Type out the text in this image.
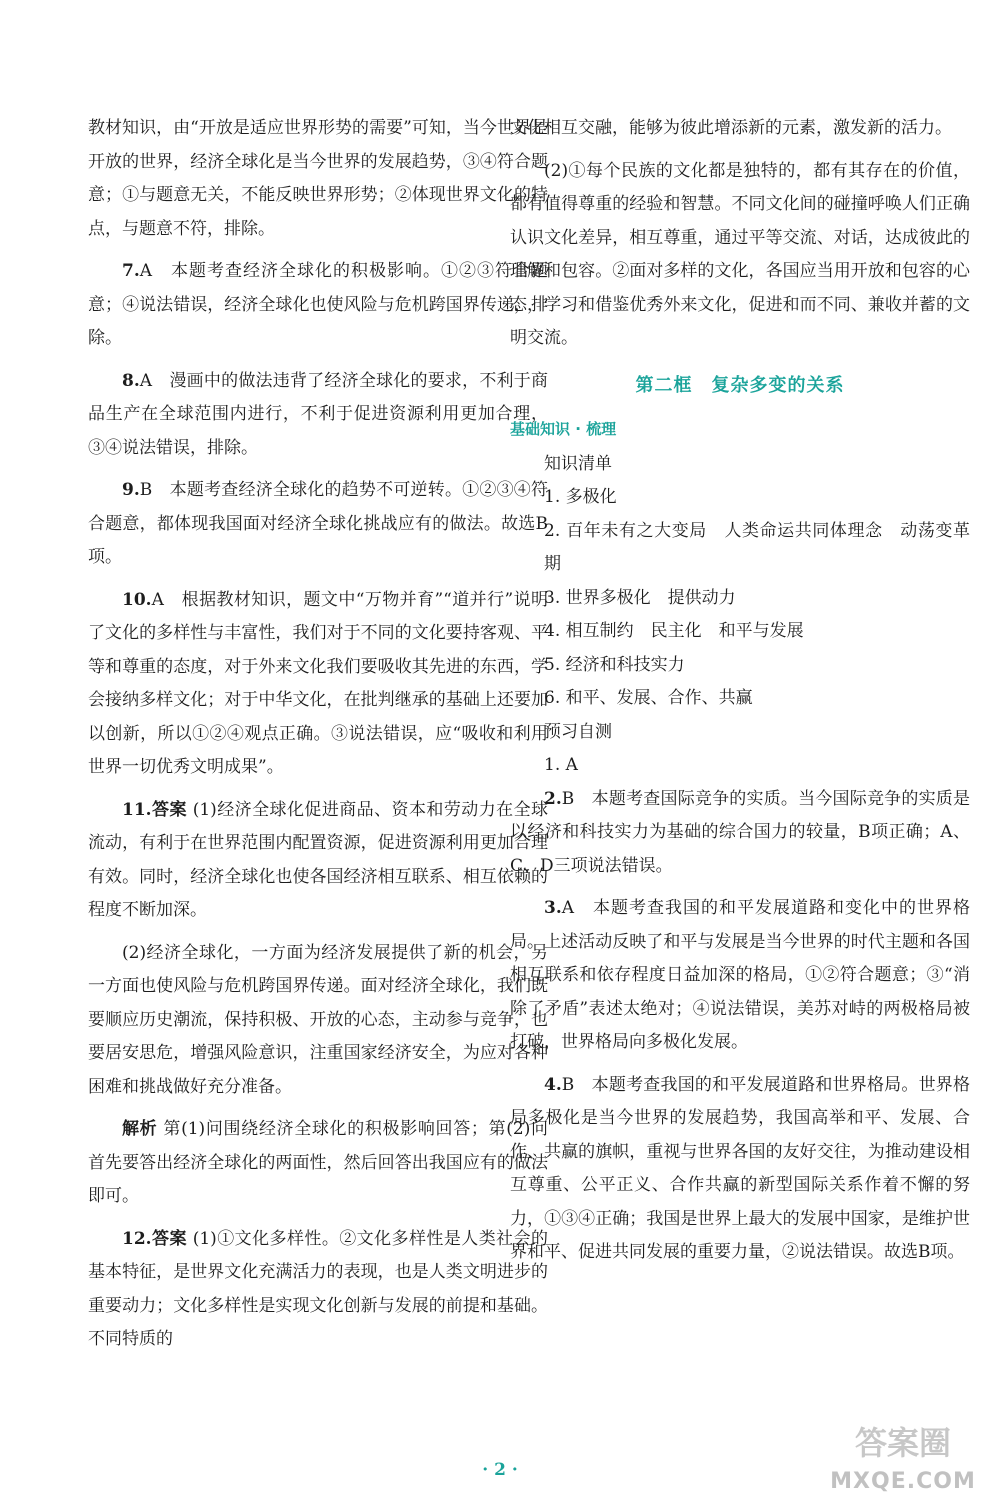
教材知识，由“开放是适应世界形势的需要”可知，当今世界是开放的世界，经济全球化是当今世界的发展趋势，③④符合题意；①与题意无关，不能反映世界形势；②体现世界文化的特点，与题意不符，排除。

7.A　本题考查经济全球化的积极影响。①②③符合题意；④说法错误，经济全球化也使风险与危机跨国界传递，排除。

8.A　漫画中的做法违背了经济全球化的要求，不利于商品生产在全球范围内进行，不利于促进资源利用更加合理，③④说法错误，排除。

9.B　本题考查经济全球化的趋势不可逆转。①②③④符合题意，都体现我国面对经济全球化挑战应有的做法。故选B项。

10.A　根据教材知识，题文中“万物并育”“道并行”说明了文化的多样性与丰富性，我们对于不同的文化要持客观、平等和尊重的态度，对于外来文化我们要吸收其先进的东西，学会接纳多样文化；对于中华文化，在批判继承的基础上还要加以创新，所以①②④观点正确。③说法错误，应“吸收和利用世界一切优秀文明成果”。

11.答案 (1)经济全球化促进商品、资本和劳动力在全球流动，有利于在世界范围内配置资源，促进资源利用更加合理有效。同时，经济全球化也使各国经济相互联系、相互依赖的程度不断加深。

(2)经济全球化，一方面为经济发展提供了新的机会，另一方面也使风险与危机跨国界传递。面对经济全球化，我们既要顺应历史潮流，保持积极、开放的心态，主动参与竞争，也要居安思危，增强风险意识，注重国家经济安全，为应对各种困难和挑战做好充分准备。

解析 第(1)问围绕经济全球化的积极影响回答；第(2)问首先要答出经济全球化的两面性，然后回答出我国应有的做法即可。

12.答案 (1)①文化多样性。②文化多样性是人类社会的基本特征，是世界文化充满活力的表现，也是人类文明进步的重要动力；文化多样性是实现文化创新与发展的前提和基础。不同特质的

文化相互交融，能够为彼此增添新的元素，激发新的活力。

(2)①每个民族的文化都是独特的，都有其存在的价值，都有值得尊重的经验和智慧。不同文化间的碰撞呼唤人们正确认识文化差异，相互尊重，通过平等交流、对话，达成彼此的理解和包容。②面对多样的文化，各国应当用开放和包容的心态，学习和借鉴优秀外来文化，促进和而不同、兼收并蓄的文明交流。

第二框　复杂多变的关系
基础知识 · 梳理

知识清单

1. 多极化

2. 百年未有之大变局　人类命运共同体理念　动荡变革期

3. 世界多极化　提供动力

4. 相互制约　民主化　和平与发展

5. 经济和科技实力

6. 和平、发展、合作、共赢

预习自测

1. A

2.B　本题考查国际竞争的实质。当今国际竞争的实质是以经济和科技实力为基础的综合国力的较量，B项正确；A、C、D三项说法错误。

3.A　本题考查我国的和平发展道路和变化中的世界格局。上述活动反映了和平与发展是当今世界的时代主题和各国相互联系和依存程度日益加深的格局，①②符合题意；③“消除了矛盾”表述太绝对；④说法错误，美苏对峙的两极格局被打破，世界格局向多极化发展。

4.B　本题考查我国的和平发展道路和世界格局。世界格局多极化是当今世界的发展趋势，我国高举和平、发展、合作、共赢的旗帜，重视与世界各国的友好交往，为推动建设相互尊重、公平正义、合作共赢的新型国际关系作着不懈的努力，①③④正确；我国是世界上最大的发展中国家，是维护世界和平、促进共同发展的重要力量，②说法错误。故选B项。

· 2 ·
答案圈
MXQE.COM
